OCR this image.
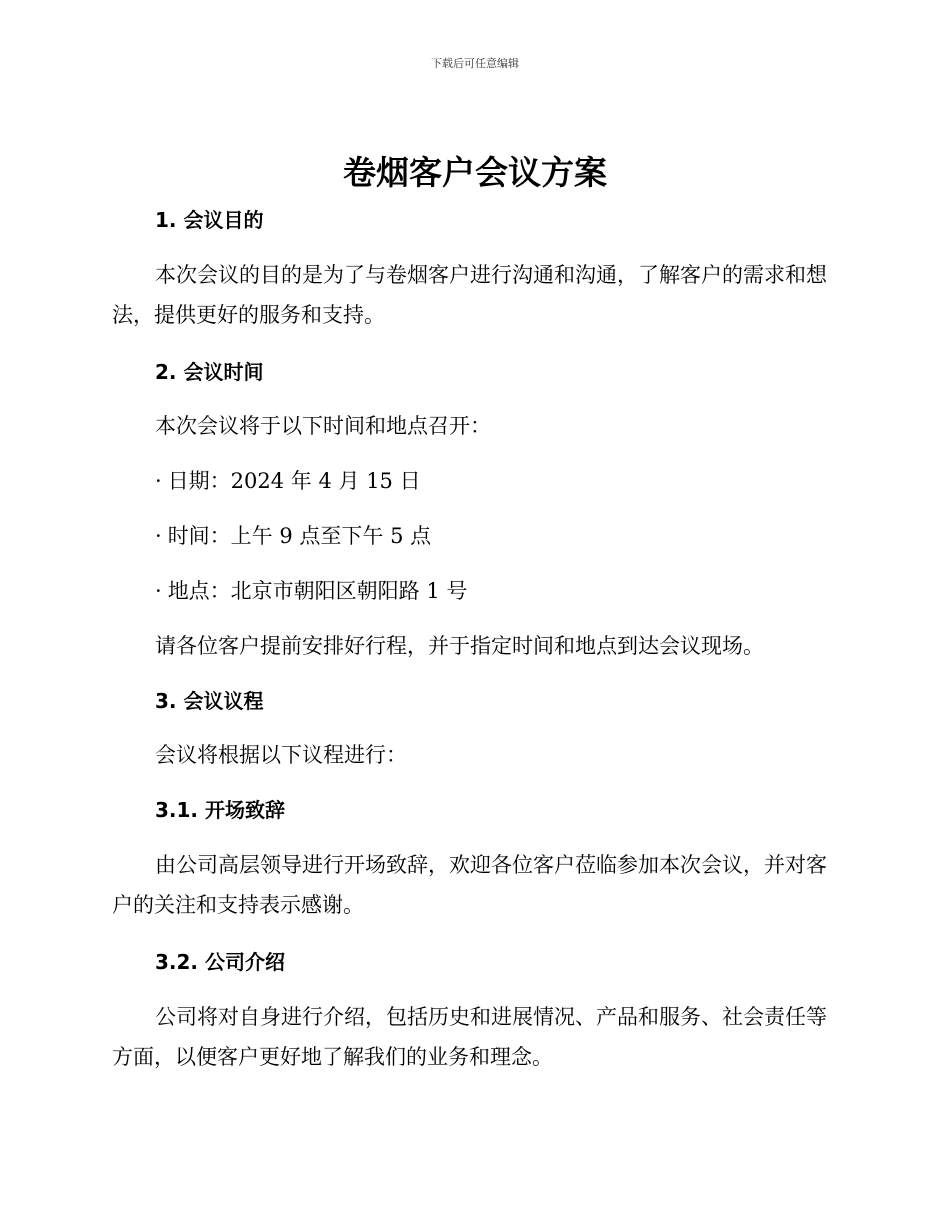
下载后可任意编辑
卷烟客户会议方案
1. 会议目的

本次会议的目的是为了与卷烟客户进行沟通和沟通，了解客户的需求和想法，提供更好的服务和支持。

2. 会议时间

本次会议将于以下时间和地点召开：

· 日期：2024 年 4 月 15 日

· 时间：上午 9 点至下午 5 点

· 地点：北京市朝阳区朝阳路 1 号

请各位客户提前安排好行程，并于指定时间和地点到达会议现场。

3. 会议议程

会议将根据以下议程进行：

3.1. 开场致辞

由公司高层领导进行开场致辞，欢迎各位客户莅临参加本次会议，并对客户的关注和支持表示感谢。

3.2. 公司介绍

公司将对自身进行介绍，包括历史和进展情况、产品和服务、社会责任等方面，以便客户更好地了解我们的业务和理念。
